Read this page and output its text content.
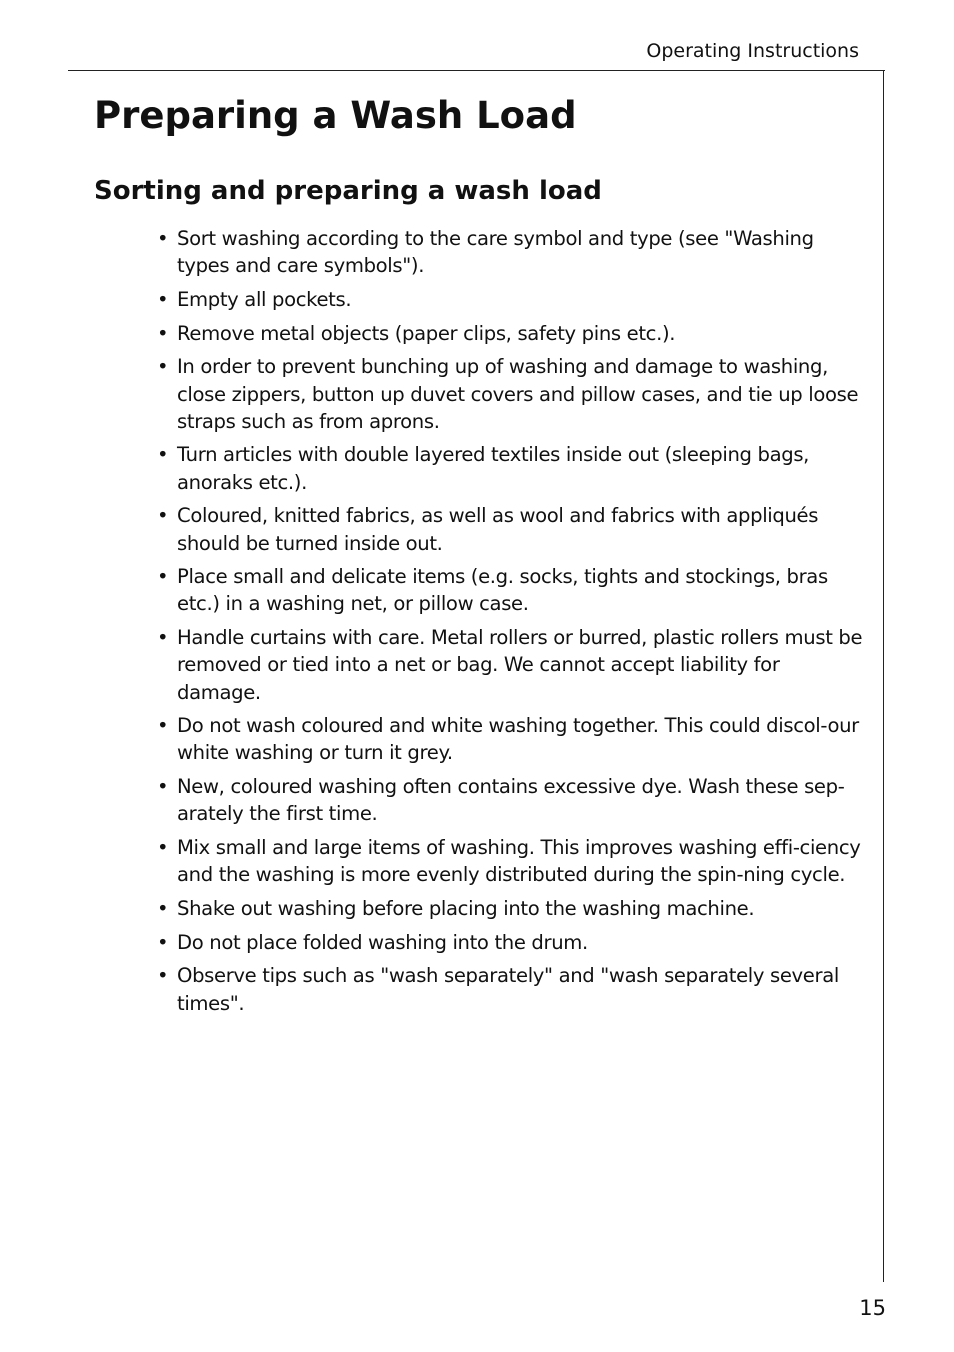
Operating Instructions
Preparing a Wash Load
Sorting and preparing a wash load
• Sort washing according to the care symbol and type (see "Washing types and care symbols").
• Empty all pockets.
• Remove metal objects (paper clips, safety pins etc.).
• In order to prevent bunching up of washing and damage to washing, close zippers, button up duvet covers and pillow cases, and tie up loose straps such as from aprons.
• Turn articles with double layered textiles inside out (sleeping bags, anoraks etc.).
• Coloured, knitted fabrics, as well as wool and fabrics with appliqués should be turned inside out.
• Place small and delicate items (e.g. socks, tights and stockings, bras etc.) in a washing net, or pillow case.
• Handle curtains with care. Metal rollers or burred, plastic rollers must be removed or tied into a net or bag. We cannot accept liability for damage.
• Do not wash coloured and white washing together. This could discol-our white washing or turn it grey.
• New, coloured washing often contains excessive dye. Wash these sep-arately the first time.
• Mix small and large items of washing. This improves washing effi-ciency and the washing is more evenly distributed during the spin-ning cycle.
• Shake out washing before placing into the washing machine.
• Do not place folded washing into the drum.
• Observe tips such as "wash separately" and "wash separately several times".
15
